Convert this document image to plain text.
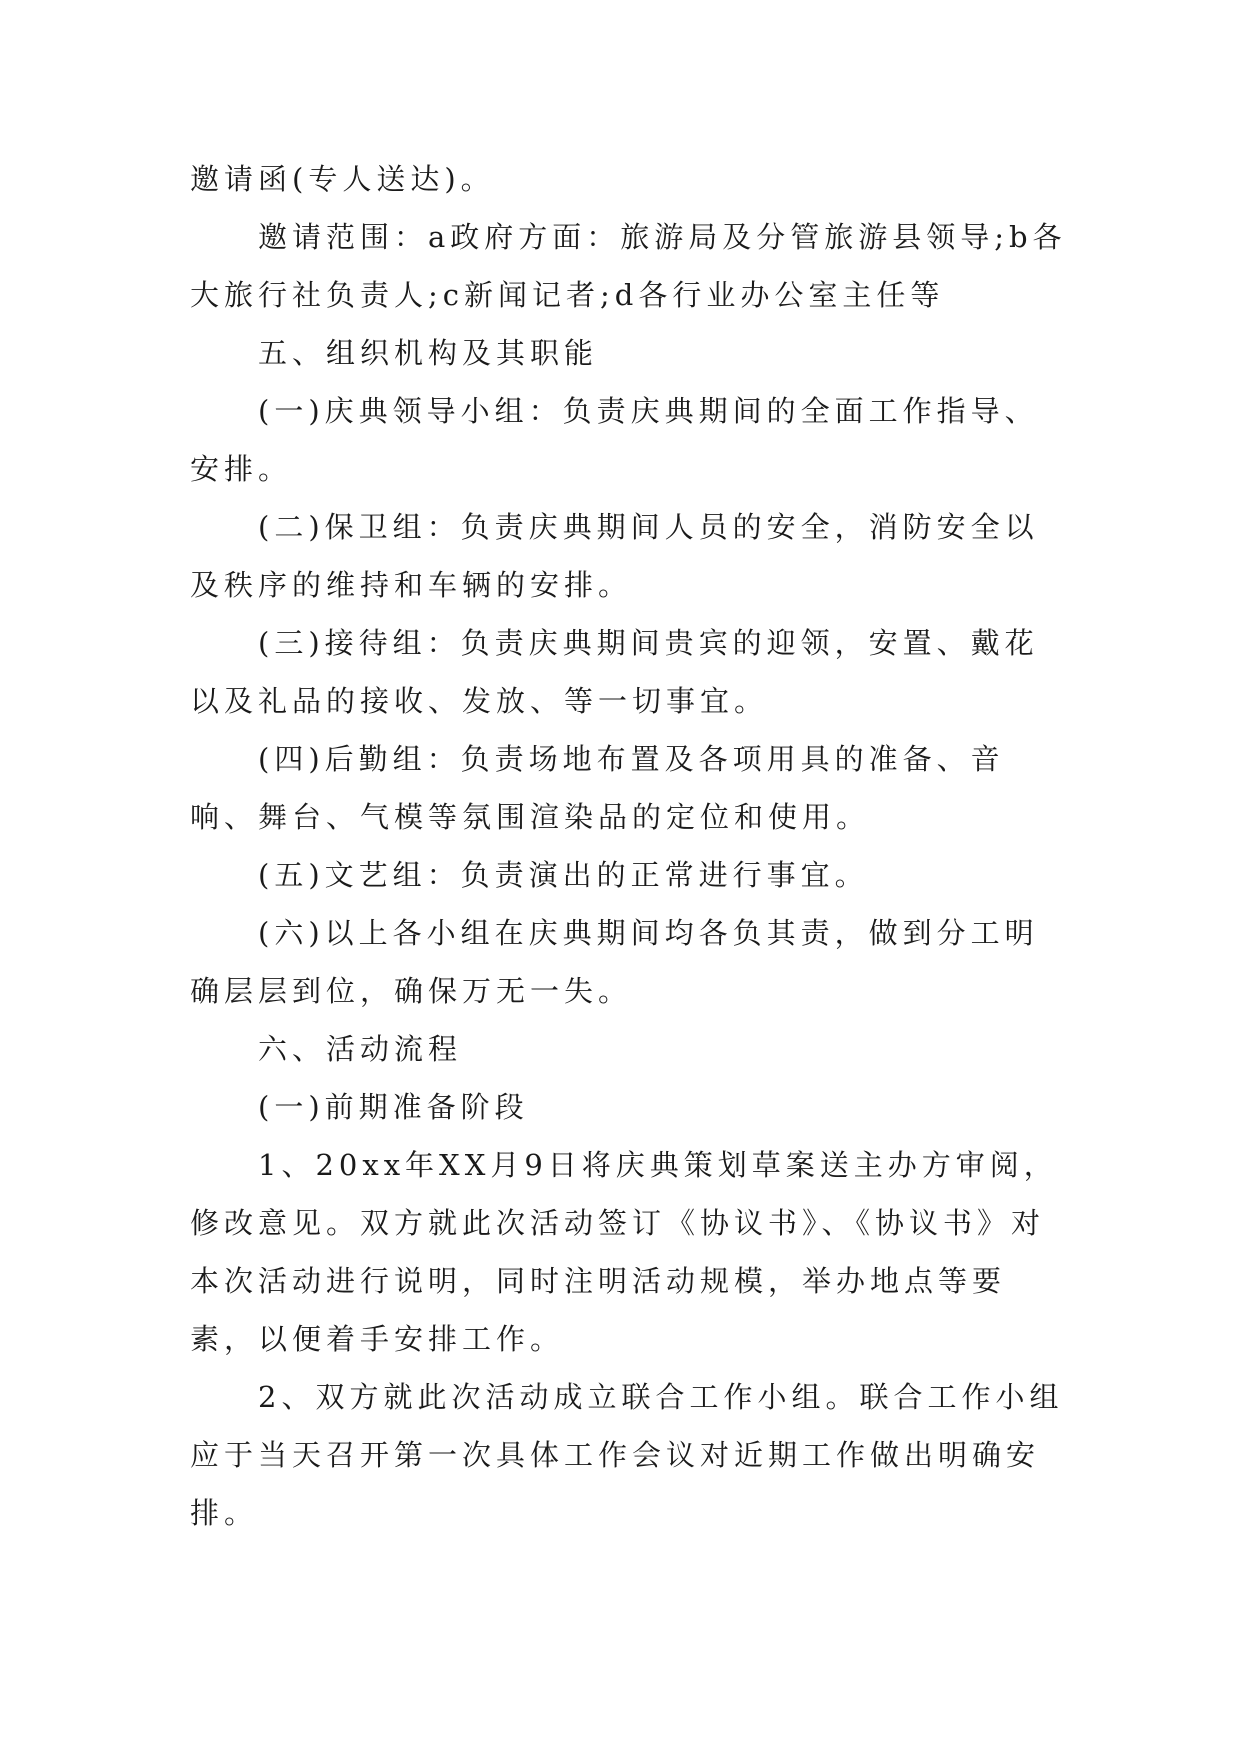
邀请函(专人送达)。

邀请范围：a政府方面：旅游局及分管旅游县领导;b各大旅行社负责人;c新闻记者;d各行业办公室主任等

五、组织机构及其职能

(一)庆典领导小组：负责庆典期间的全面工作指导、安排。

(二)保卫组：负责庆典期间人员的安全，消防安全以及秩序的维持和车辆的安排。

(三)接待组：负责庆典期间贵宾的迎领，安置、戴花以及礼品的接收、发放、等一切事宜。

(四)后勤组：负责场地布置及各项用具的准备、音响、舞台、气模等氛围渲染品的定位和使用。

(五)文艺组：负责演出的正常进行事宜。

(六)以上各小组在庆典期间均各负其责，做到分工明确层层到位，确保万无一失。

六、活动流程

(一)前期准备阶段

1、20xx年XX月9日将庆典策划草案送主办方审阅，修改意见。双方就此次活动签订《协议书》、《协议书》对本次活动进行说明，同时注明活动规模，举办地点等要素，以便着手安排工作。

2、双方就此次活动成立联合工作小组。联合工作小组应于当天召开第一次具体工作会议对近期工作做出明确安排。
